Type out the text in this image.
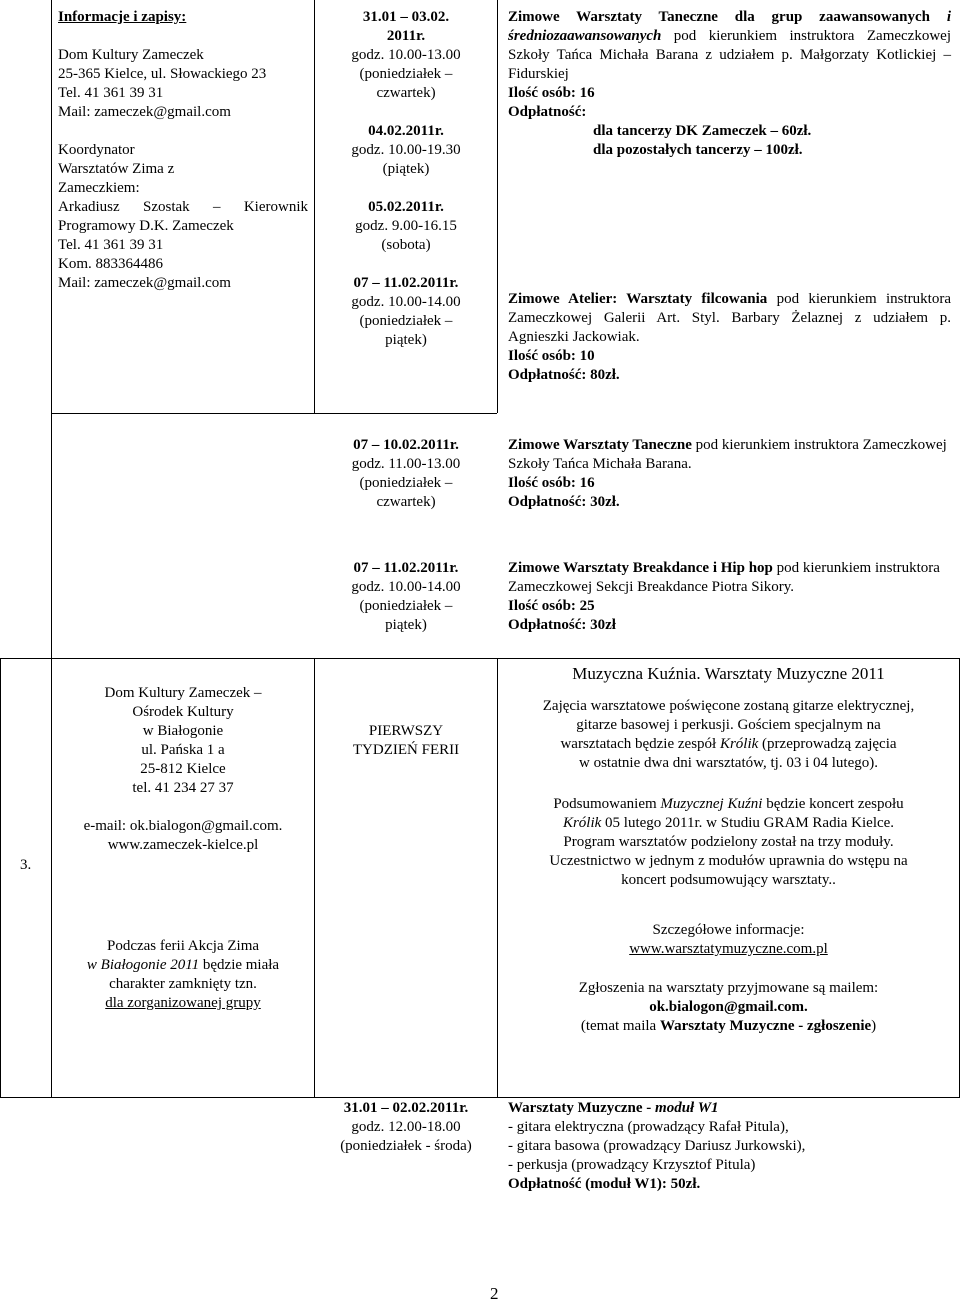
Informacje i zapisy:

Dom Kultury Zameczek

25-365 Kielce, ul. Słowackiego 23

Tel. 41 361 39 31

Mail: zameczek@gmail.com

Koordynator

Warsztatów Zima z

Zameczkiem:

Arkadiusz Szostak – Kierownik

Programowy D.K. Zameczek

Tel. 41 361 39 31

Kom. 883364486

Mail: zameczek@gmail.com

31.01 – 03.02.

2011r.

godz. 10.00-13.00

(poniedziałek –

czwartek)

04.02.2011r.

godz. 10.00-19.30

(piątek)

05.02.2011r.

godz. 9.00-16.15

(sobota)

07 – 11.02.2011r.

godz. 10.00-14.00

(poniedziałek –

piątek)

Zimowe Warsztaty Taneczne dla grup zaawansowanych i średniozaawansowanych pod kierunkiem instruktora Zameczkowej Szkoły Tańca Michała Barana z udziałem p. Małgorzaty Kotlickiej – Fidurskiej

Ilość osób: 16

Odpłatność:

dla tancerzy DK Zameczek – 60zł.

dla pozostałych tancerzy – 100zł.

Zimowe Atelier: Warsztaty filcowania pod kierunkiem instruktora Zameczkowej Galerii Art. Styl. Barbary Żelaznej z udziałem p. Agnieszki Jackowiak.

Ilość osób: 10

Odpłatność: 80zł.

07 – 10.02.2011r.

godz. 11.00-13.00

(poniedziałek –

czwartek)

Zimowe Warsztaty Taneczne pod kierunkiem instruktora Zameczkowej Szkoły Tańca Michała Barana.

Ilość osób: 16

Odpłatność: 30zł.

07 – 11.02.2011r.

godz. 10.00-14.00

(poniedziałek –

piątek)

Zimowe Warsztaty Breakdance i Hip hop pod kierunkiem instruktora Zameczkowej Sekcji Breakdance Piotra Sikory.

Ilość osób: 25

Odpłatność: 30zł

3.

Dom Kultury Zameczek –

Ośrodek Kultury

w Białogonie

ul. Pańska 1 a

25-812 Kielce

tel. 41 234 27 37

e-mail: ok.bialogon@gmail.com.

www.zameczek-kielce.pl

Podczas ferii Akcja Zima

w Białogonie 2011 będzie miała

charakter zamknięty tzn.

dla zorganizowanej grupy

PIERWSZY

TYDZIEŃ FERII

Muzyczna Kuźnia. Warsztaty Muzyczne 2011

Zajęcia warsztatowe poświęcone zostaną gitarze elektrycznej,

gitarze basowej i perkusji. Gościem specjalnym na

warsztatach będzie zespół Królik (przeprowadzą zajęcia

w ostatnie dwa dni warsztatów, tj. 03 i 04 lutego).

Podsumowaniem Muzycznej Kuźni będzie koncert zespołu

Królik 05 lutego 2011r. w Studiu GRAM Radia Kielce.

Program warsztatów podzielony został na trzy moduły.

Uczestnictwo w jednym z modułów uprawnia do wstępu na

koncert podsumowujący warsztaty..

Szczegółowe informacje:

www.warsztatymuzyczne.com.pl

Zgłoszenia na warsztaty przyjmowane są mailem:

ok.bialogon@gmail.com.

(temat maila Warsztaty Muzyczne - zgłoszenie)

31.01 – 02.02.2011r.

godz. 12.00-18.00

(poniedziałek - środa)

Warsztaty Muzyczne - moduł W1

- gitara elektryczna (prowadzący Rafał Pitula),

- gitara basowa (prowadzący Dariusz Jurkowski),

- perkusja (prowadzący Krzysztof Pitula)

Odpłatność (moduł W1): 50zł.

2
